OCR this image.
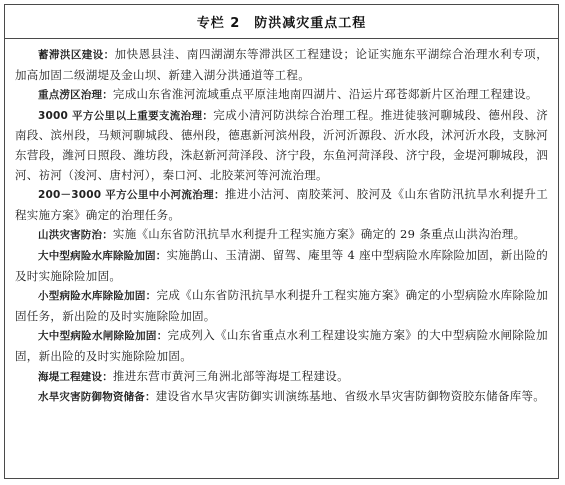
专栏 2 防洪减灾重点工程

蓄滞洪区建设：加快恩县洼、南四湖湖东等滞洪区工程建设；论证实施东平湖综合治理水利专项，加高加固二级湖堤及金山坝、新建入湖分洪通道等工程。

重点涝区治理：完成山东省淮河流域重点平原洼地南四湖片、沿运片邳苍郯新片区治理工程建设。

3000 平方公里以上重要支流治理：完成小清河防洪综合治理工程。推进徒骇河聊城段、德州段、济南段、滨州段，马颊河聊城段、德州段，德惠新河滨州段，沂河沂源段、沂水段，沭河沂水段，支脉河东营段，潍河日照段、潍坊段，洙赵新河菏泽段、济宁段，东鱼河菏泽段、济宁段，金堤河聊城段，泗河、祊河（浚河、唐村河），秦口河、北胶莱河等河流治理。

200－3000 平方公里中小河流治理：推进小沽河、南胶莱河、胶河及《山东省防汛抗旱水利提升工程实施方案》确定的治理任务。

山洪灾害防治：实施《山东省防汛抗旱水利提升工程实施方案》确定的 29 条重点山洪沟治理。

大中型病险水库除险加固：实施鹊山、玉清湖、留驾、庵里等 4 座中型病险水库除险加固，新出险的及时实施除险加固。

小型病险水库除险加固：完成《山东省防汛抗旱水利提升工程实施方案》确定的小型病险水库除险加固任务，新出险的及时实施除险加固。

大中型病险水闸除险加固：完成列入《山东省重点水利工程建设实施方案》的大中型病险水闸除险加固，新出险的及时实施除险加固。

海堤工程建设：推进东营市黄河三角洲北部等海堤工程建设。

水旱灾害防御物资储备：建设省水旱灾害防御实训演练基地、省级水旱灾害防御物资胶东储备库等。
